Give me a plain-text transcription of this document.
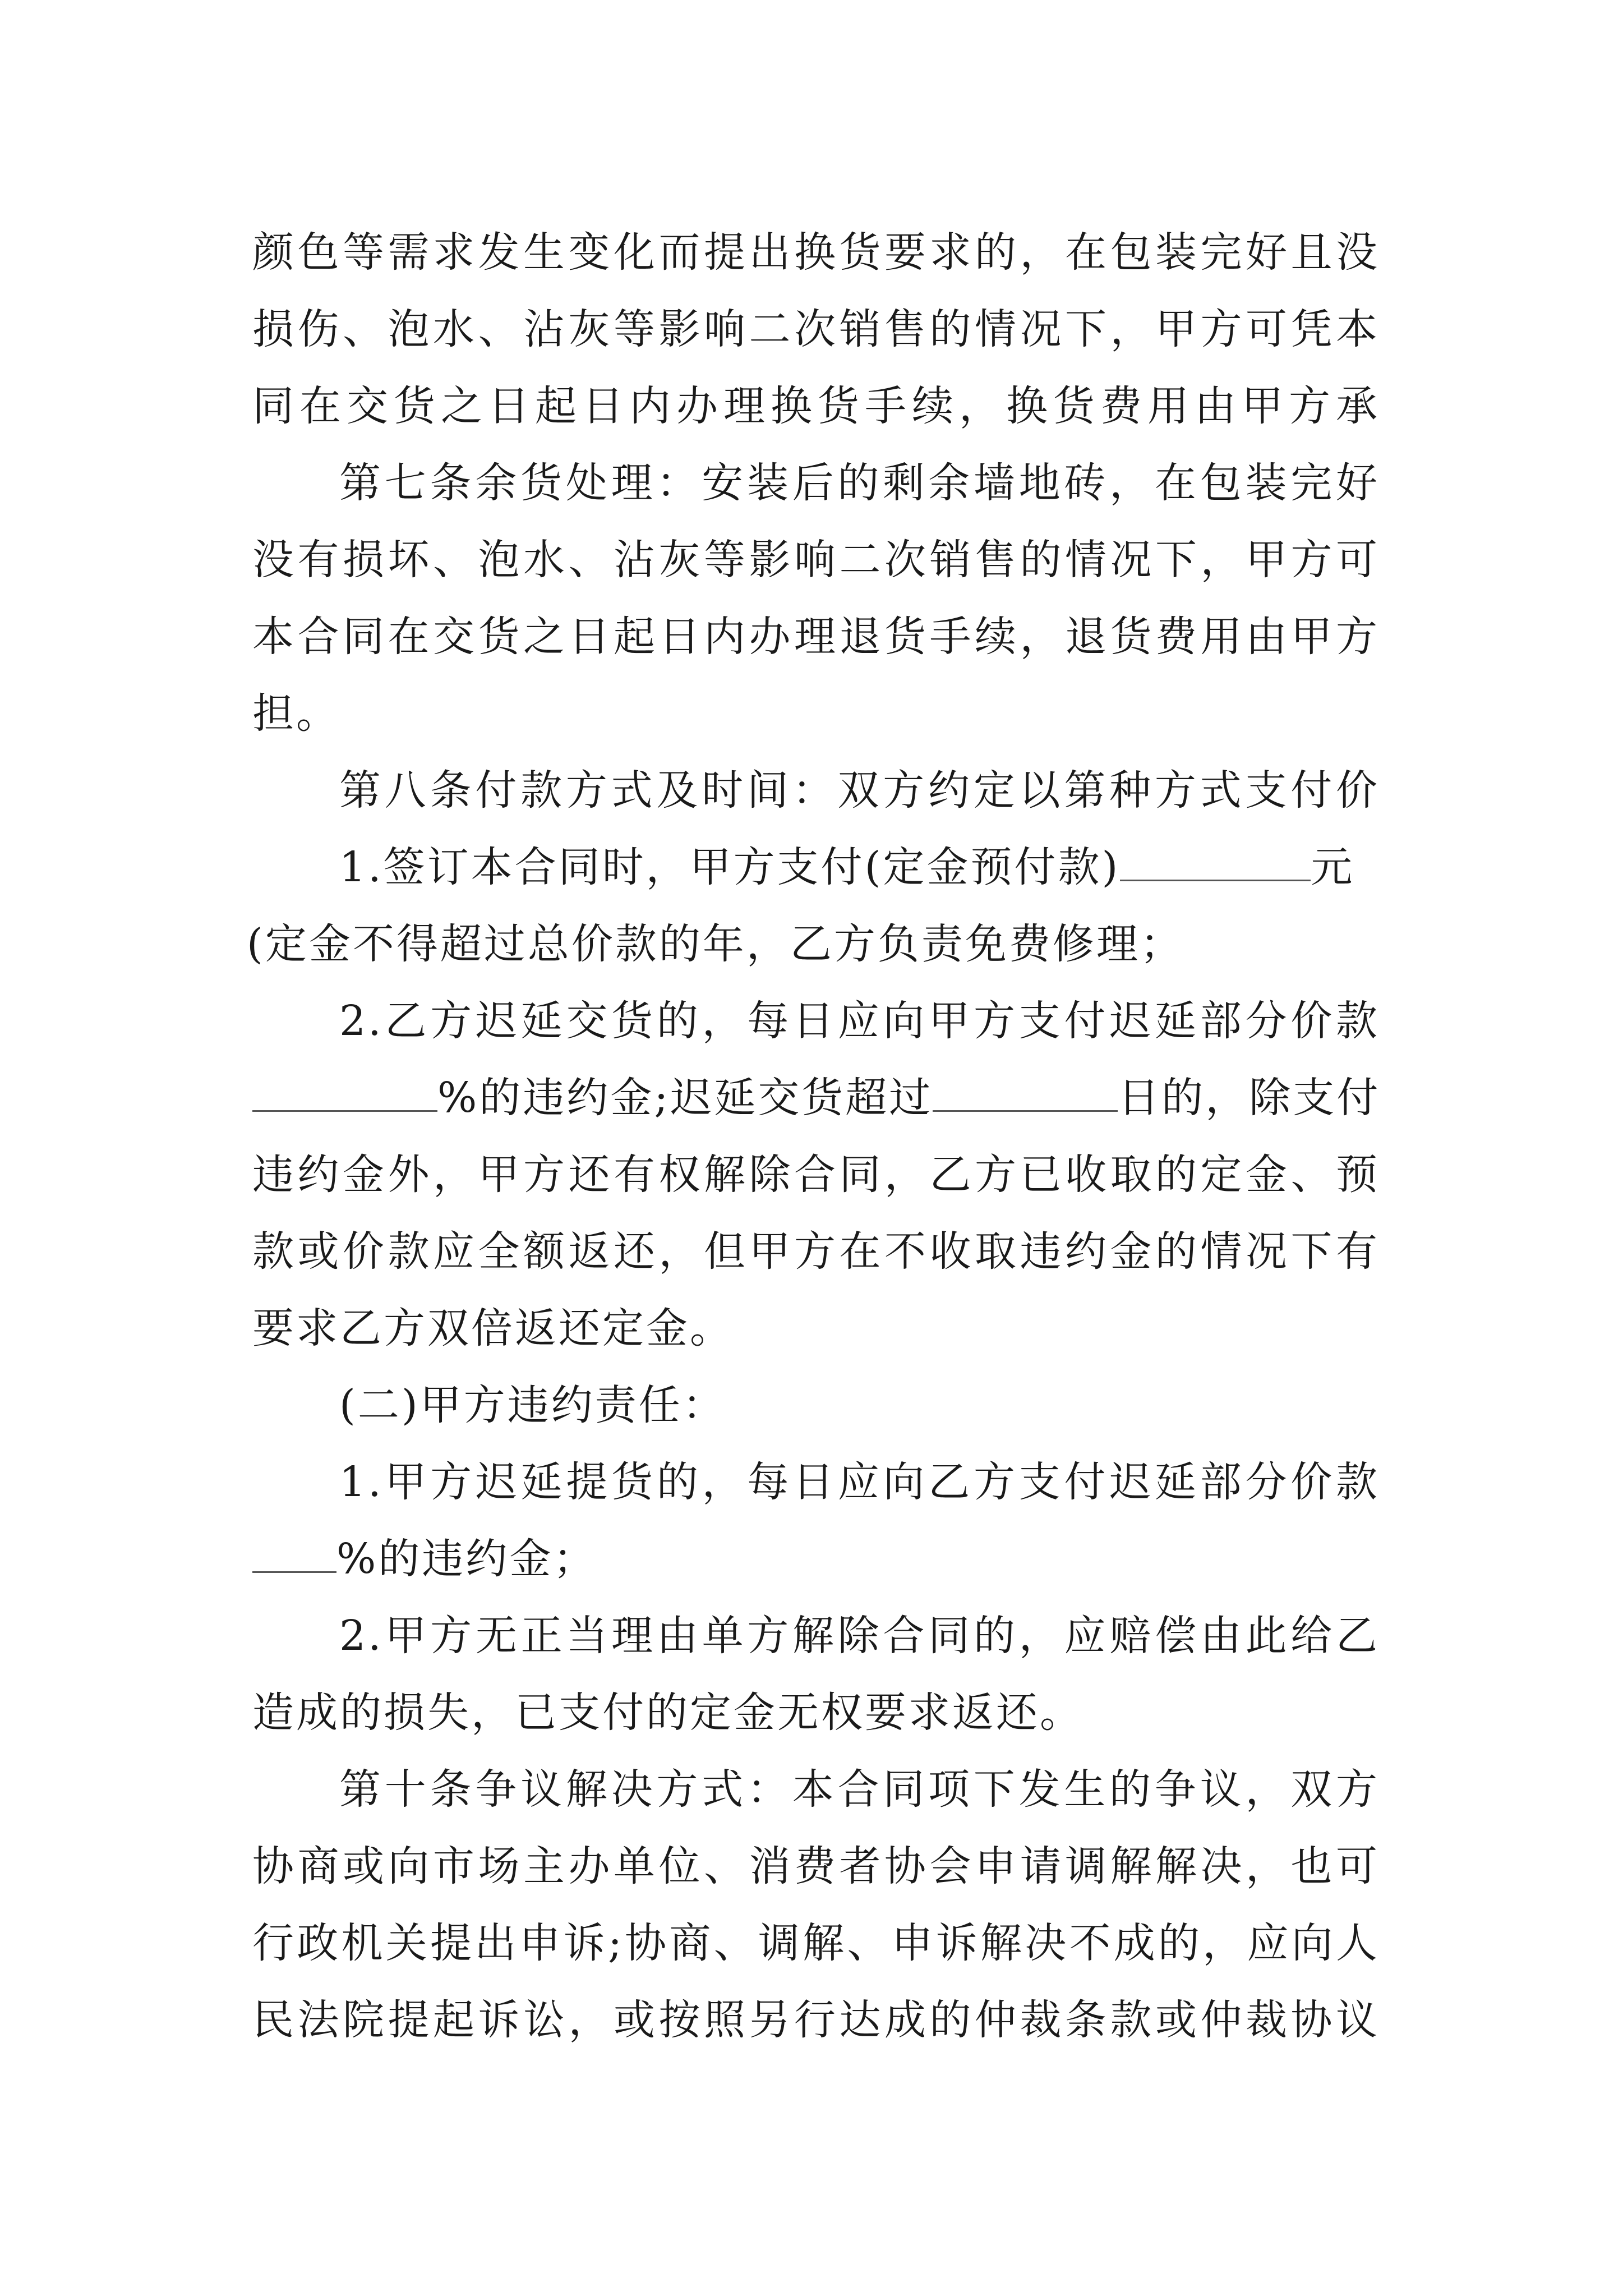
颜色等需求发生变化而提出换货要求的，在包装完好且没
损伤、泡水、沾灰等影响二次销售的情况下，甲方可凭本
同在交货之日起日内办理换货手续，换货费用由甲方承
第七条余货处理：安装后的剩余墙地砖，在包装完好
没有损坏、泡水、沾灰等影响二次销售的情况下，甲方可
本合同在交货之日起日内办理退货手续，退货费用由甲方
担。
第八条付款方式及时间：双方约定以第种方式支付价
1.签订本合同时，甲方支付(定金预付款)	元
(定金不得超过总价款的年，乙方负责免费修理；
2.乙方迟延交货的，每日应向甲方支付迟延部分价款
%的违约金;迟延交货超过	日的，除支付
违约金外，甲方还有权解除合同，乙方已收取的定金、预
款或价款应全额返还，但甲方在不收取违约金的情况下有
要求乙方双倍返还定金。
(二)甲方违约责任：
1.甲方迟延提货的，每日应向乙方支付迟延部分价款
%的违约金；
2.甲方无正当理由单方解除合同的，应赔偿由此给乙
造成的损失，已支付的定金无权要求返还。
第十条争议解决方式：本合同项下发生的争议，双方
协商或向市场主办单位、消费者协会申请调解解决，也可
行政机关提出申诉;协商、调解、申诉解决不成的，应向人
民法院提起诉讼，或按照另行达成的仲裁条款或仲裁协议
